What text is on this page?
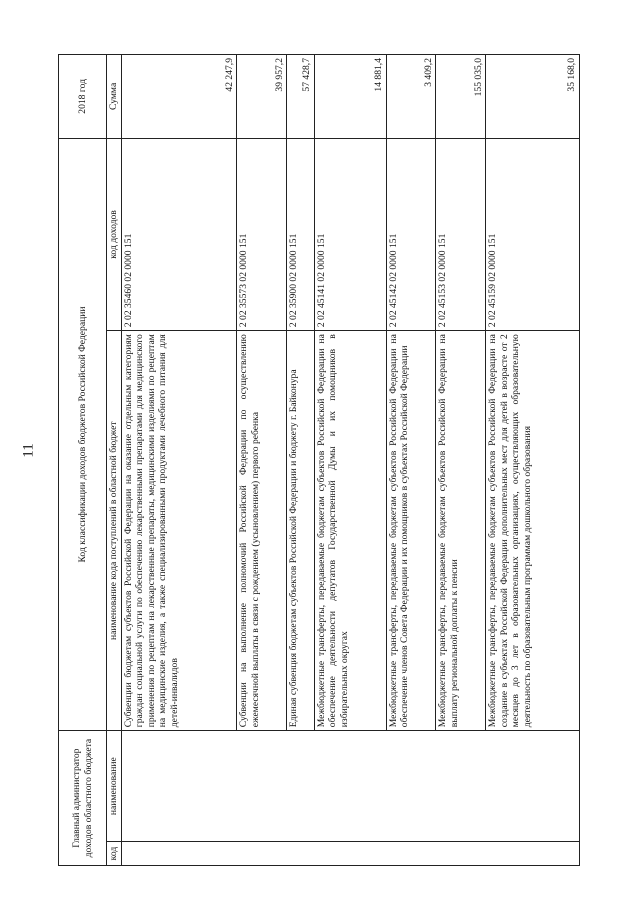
11
Главный администратор доходов областного бюджета		Код классификации доходов бюджетов Российской Федерации		2018 год
код	наименование	наименование кода поступлений в областной бюджет	код доходов	Сумма
		Субвенции бюджетам субъектов Российской Федерации на оказание отдельным категориям граждан социальной услуги по обеспечению лекарственными препаратами для медицинского применения по рецептам на лекарственные препараты, медицинскими изделиями по рецептам на медицинские изделия, а также специализированными продуктами лечебного питания для детей-инвалидов	2 02 35460 02 0000 151	42 247,9
		Субвенции на выполнение полномочий Российской Федерации по осуществлению ежемесячной выплаты в связи с рождением (усыновлением) первого ребенка	2 02 35573 02 0000 151	39 957,2
		Единая субвенция бюджетам субъектов Российской Федерации и бюджету г. Байконура	2 02 35900 02 0000 151	57 428,7
		Межбюджетные трансферты, передаваемые бюджетам субъектов Российской Федерации на обеспечение деятельности депутатов Государственной Думы и их помощников в избирательных округах	2 02 45141 02 0000 151	14 881,4
		Межбюджетные трансферты, передаваемые бюджетам субъектов Российской Федерации на обеспечение членов Совета Федерации и их помощников в субъектах Российской Федерации	2 02 45142 02 0000 151	3 409,2
		Межбюджетные трансферты, передаваемые бюджетам субъектов Российской Федерации на выплату региональной доплаты к пенсии	2 02 45153 02 0000 151	155 035,0
		Межбюджетные трансферты, передаваемые бюджетам субъектов Российской Федерации на создание в субъектах Российской Федерации дополнительных мест для детей в возрасте от 2 месяцев до 3 лет в образовательных организациях, осуществляющих образовательную деятельность по образовательным программам дошкольного образования	2 02 45159 02 0000 151	35 168,0
